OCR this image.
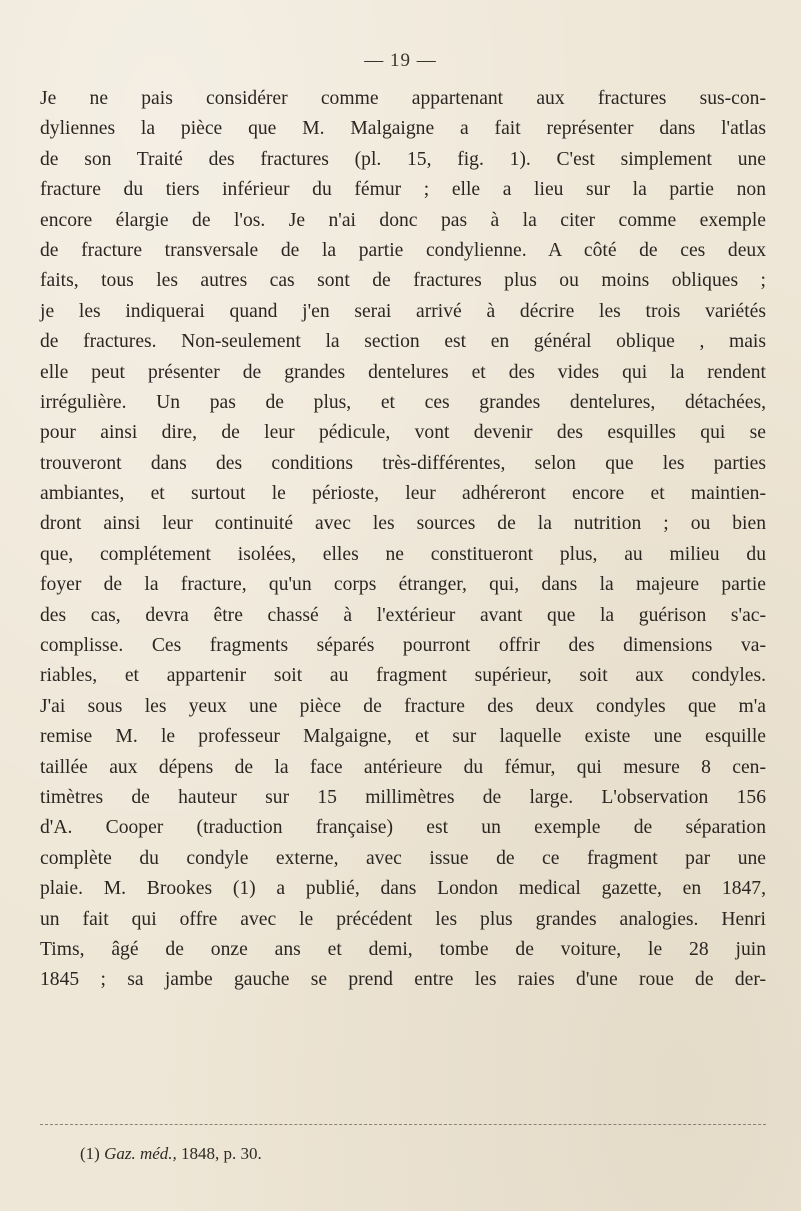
— 19 —
Je ne pais considérer comme appartenant aux fractures sus-con-
dyliennes la pièce que M. Malgaigne a fait représenter dans l'atlas
de son Traité des fractures (pl. 15, fig. 1). C'est simplement une
fracture du tiers inférieur du fémur ; elle a lieu sur la partie non
encore élargie de l'os. Je n'ai donc pas à la citer comme exemple
de fracture transversale de la partie condylienne. A côté de ces deux
faits, tous les autres cas sont de fractures plus ou moins obliques ;
je les indiquerai quand j'en serai arrivé à décrire les trois variétés
de fractures. Non-seulement la section est en général oblique , mais
elle peut présenter de grandes dentelures et des vides qui la rendent
irrégulière. Un pas de plus, et ces grandes dentelures, détachées,
pour ainsi dire, de leur pédicule, vont devenir des esquilles qui se
trouveront dans des conditions très-différentes, selon que les parties
ambiantes, et surtout le périoste, leur adhéreront encore et maintien-
dront ainsi leur continuité avec les sources de la nutrition ; ou bien
que, complétement isolées, elles ne constitueront plus, au milieu du
foyer de la fracture, qu'un corps étranger, qui, dans la majeure partie
des cas, devra être chassé à l'extérieur avant que la guérison s'ac-
complisse. Ces fragments séparés pourront offrir des dimensions va-
riables, et appartenir soit au fragment supérieur, soit aux condyles.
J'ai sous les yeux une pièce de fracture des deux condyles que m'a
remise M. le professeur Malgaigne, et sur laquelle existe une esquille
taillée aux dépens de la face antérieure du fémur, qui mesure 8 cen-
timètres de hauteur sur 15 millimètres de large. L'observation 156
d'A. Cooper (traduction française) est un exemple de séparation
complète du condyle externe, avec issue de ce fragment par une
plaie. M. Brookes (1) a publié, dans London medical gazette, en 1847,
un fait qui offre avec le précédent les plus grandes analogies. Henri
Tims, âgé de onze ans et demi, tombe de voiture, le 28 juin
1845 ; sa jambe gauche se prend entre les raies d'une roue de der-
(1) Gaz. méd., 1848, p. 30.
